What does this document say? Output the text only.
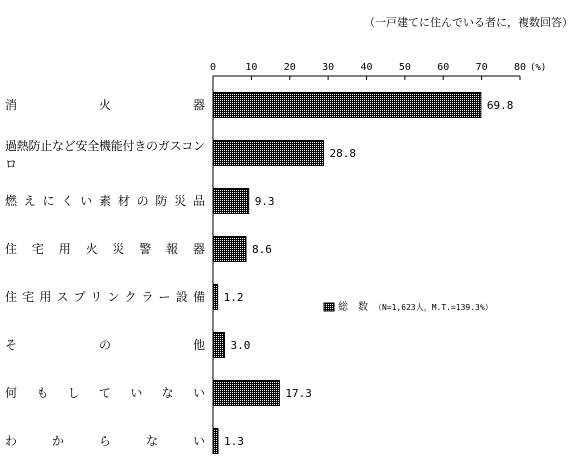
（一戸建てに住んでいる者に，複数回答）
0	10	20	30	40	50	60	70	80 (%)
消火器
過熱防止など安全機能付きのガスコン
ロ
燃えにくい素材の防災品
住宅用火災警報器
住宅用スプリンクラー設備
その他
何もしていない
わからない
69.8
28.8
9.3
8.6
1.2
3.0
17.3
1.3
総　数 （N=1,623人，M.T.=139.3%）
